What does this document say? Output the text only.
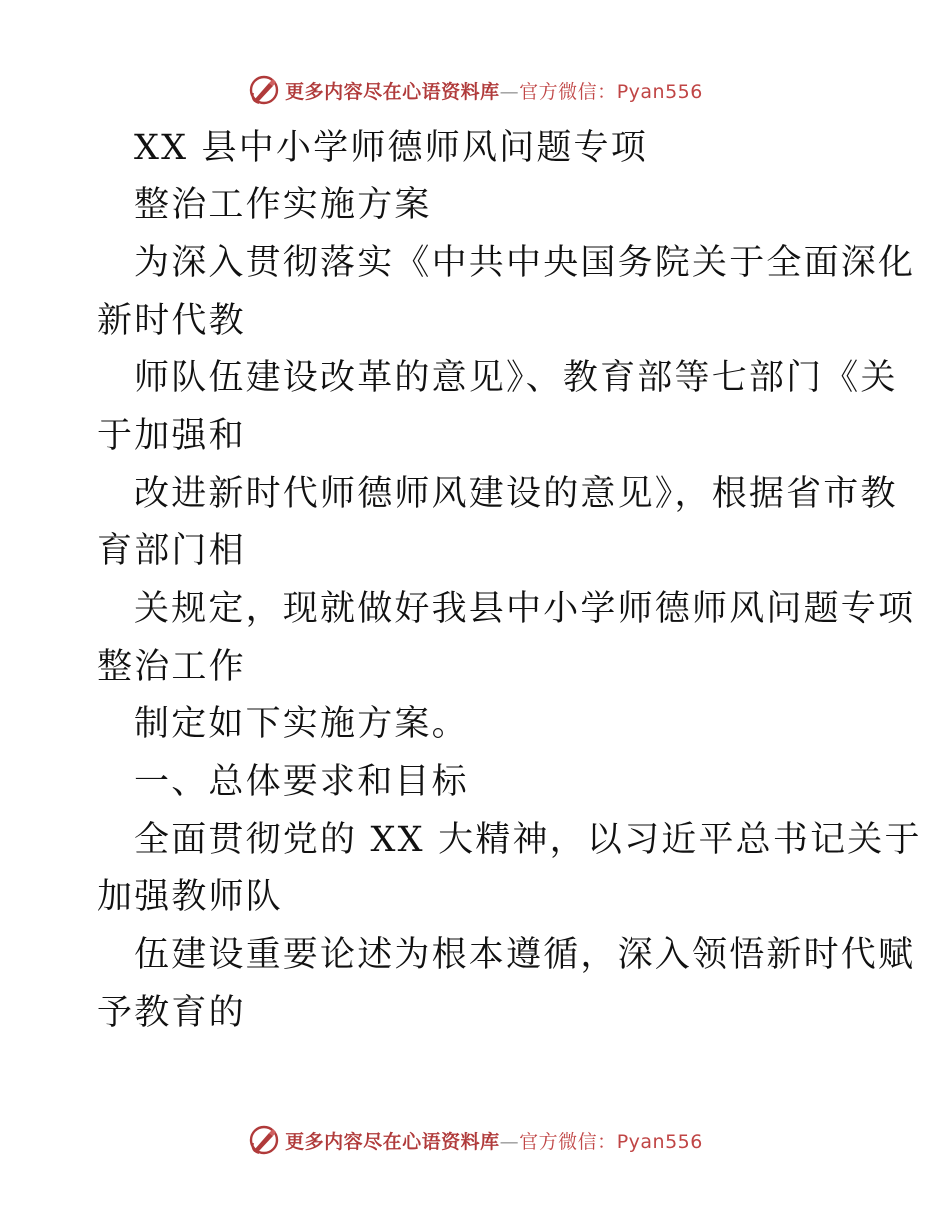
更多内容尽在心语资料库—官方微信：Pyan556
XX 县中小学师德师风问题专项
整治工作实施方案
为深入贯彻落实《中共中央国务院关于全面深化
新时代教
师队伍建设改革的意见》、教育部等七部门《关
于加强和
改进新时代师德师风建设的意见》，根据省市教
育部门相
关规定，现就做好我县中小学师德师风问题专项
整治工作
制定如下实施方案。
一、总体要求和目标
全面贯彻党的 XX 大精神，以习近平总书记关于
加强教师队
伍建设重要论述为根本遵循，深入领悟新时代赋
予教育的
更多内容尽在心语资料库—官方微信：Pyan556
